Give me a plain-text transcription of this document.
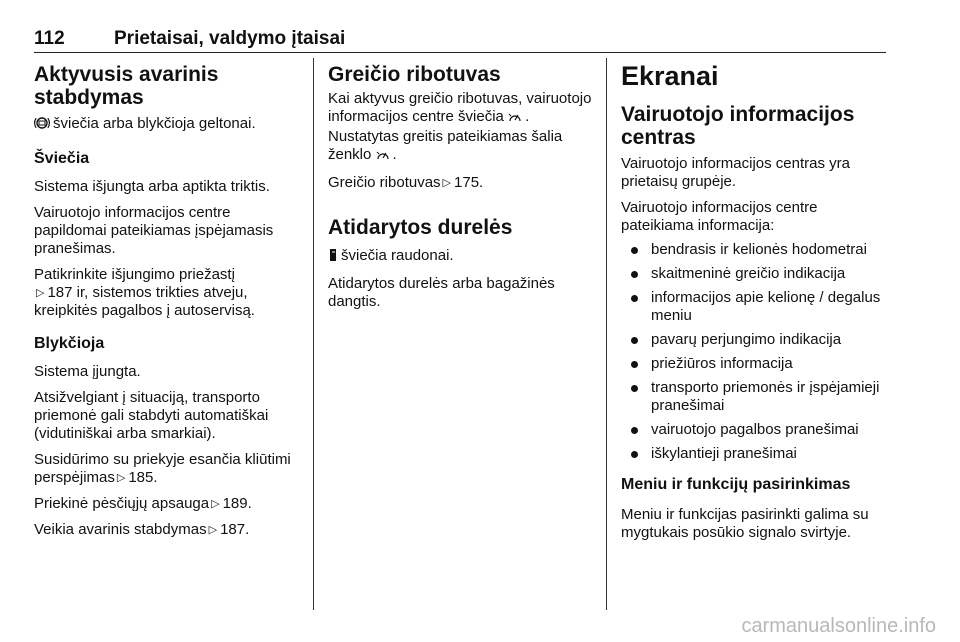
112	Prietaisai, valdymo įtaisai
Aktyvusis avarinis stabdymas

šviečia arba blykčioja geltonai.

Šviečia

Sistema išjungta arba aptikta triktis.

Vairuotojo informacijos centre papildomai pateikiamas įspėjamasis pranešimas.

Patikrinkite išjungimo priežastį
▷ 187 ir, sistemos trikties atveju, kreipkitės pagalbos į autoservisą.

Blykčioja

Sistema įjungta.

Atsižvelgiant į situaciją, transporto priemonė gali stabdyti automatiškai (vidutiniškai arba smarkiai).

Susidūrimo su priekyje esančia kliūtimi perspėjimas ▷ 185.

Priekinė pėsčiųjų apsauga ▷ 189.

Veikia avarinis stabdymas ▷ 187.

Greičio ribotuvas

Kai aktyvus greičio ribotuvas, vairuotojo informacijos centre šviečia . Nustatytas greitis pateikiamas šalia ženklo .

Greičio ribotuvas ▷ 175.

Atidarytos durelės

šviečia raudonai.

Atidarytos durelės arba bagažinės dangtis.

Ekranai
Vairuotojo informacijos centras

Vairuotojo informacijos centras yra prietaisų grupėje.

Vairuotojo informacijos centre pateikiama informacija:

bendrasis ir kelionės hodometrai
skaitmeninė greičio indikacija
informacijos apie kelionę / degalus meniu
pavarų perjungimo indikacija
priežiūros informacija
transporto priemonės ir įspėjamieji pranešimai
vairuotojo pagalbos pranešimai
iškylantieji pranešimai
Meniu ir funkcijų pasirinkimas

Meniu ir funkcijas pasirinkti galima su mygtukais posūkio signalo svirtyje.

carmanualsonline.info
